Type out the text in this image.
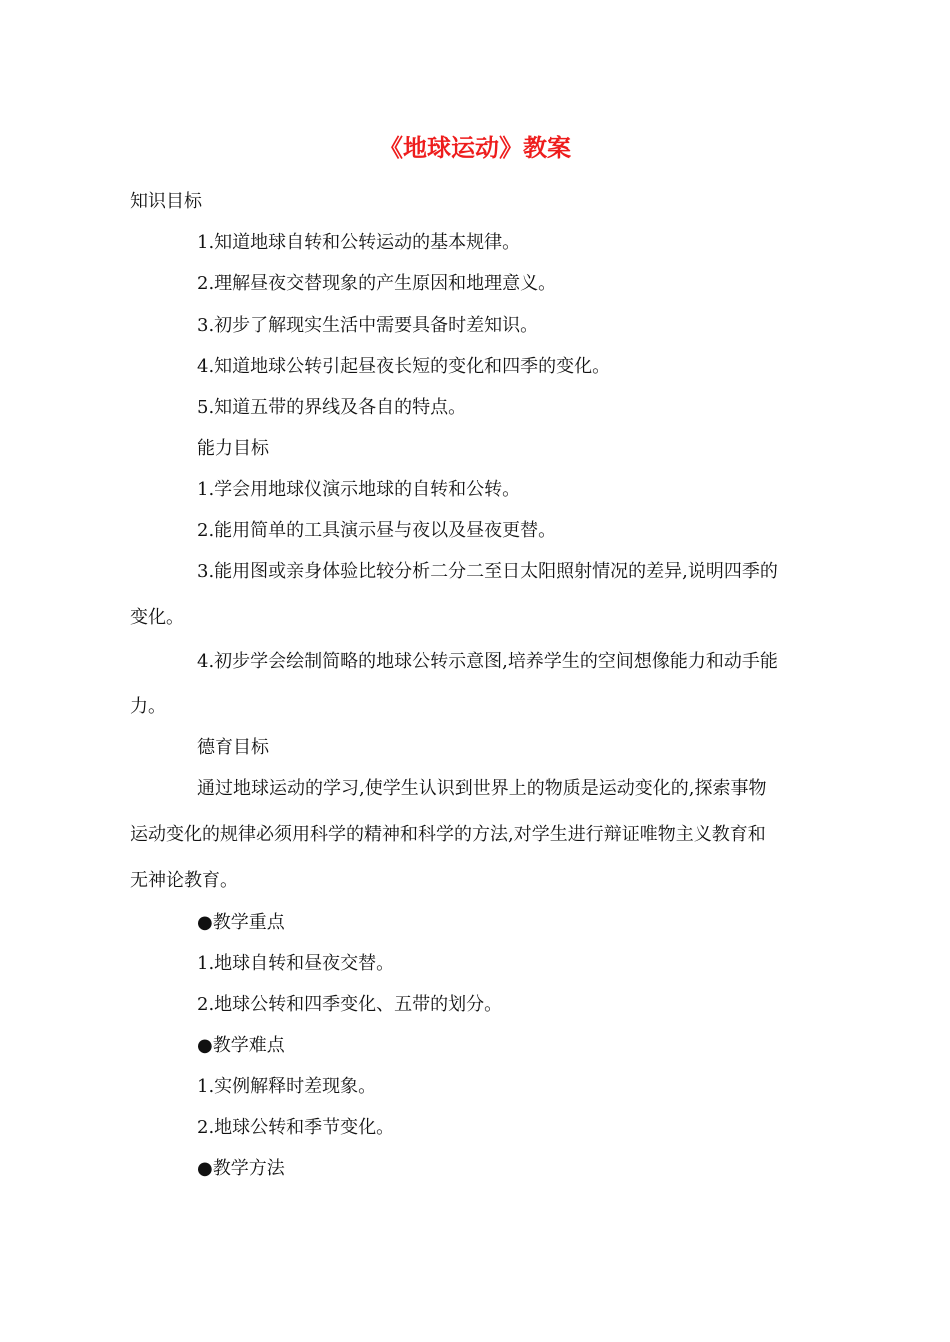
《地球运动》教案

知识目标

1.知道地球自转和公转运动的基本规律。

2.理解昼夜交替现象的产生原因和地理意义。

3.初步了解现实生活中需要具备时差知识。

4.知道地球公转引起昼夜长短的变化和四季的变化。

5.知道五带的界线及各自的特点。

能力目标

1.学会用地球仪演示地球的自转和公转。

2.能用简单的工具演示昼与夜以及昼夜更替。

3.能用图或亲身体验比较分析二分二至日太阳照射情况的差异,说明四季的

变化。

4.初步学会绘制简略的地球公转示意图,培养学生的空间想像能力和动手能

力。

德育目标

通过地球运动的学习,使学生认识到世界上的物质是运动变化的,探索事物

运动变化的规律必须用科学的精神和科学的方法,对学生进行辩证唯物主义教育和

无神论教育。

●教学重点

1.地球自转和昼夜交替。

2.地球公转和四季变化、五带的划分。

●教学难点

1.实例解释时差现象。

2.地球公转和季节变化。

●教学方法
